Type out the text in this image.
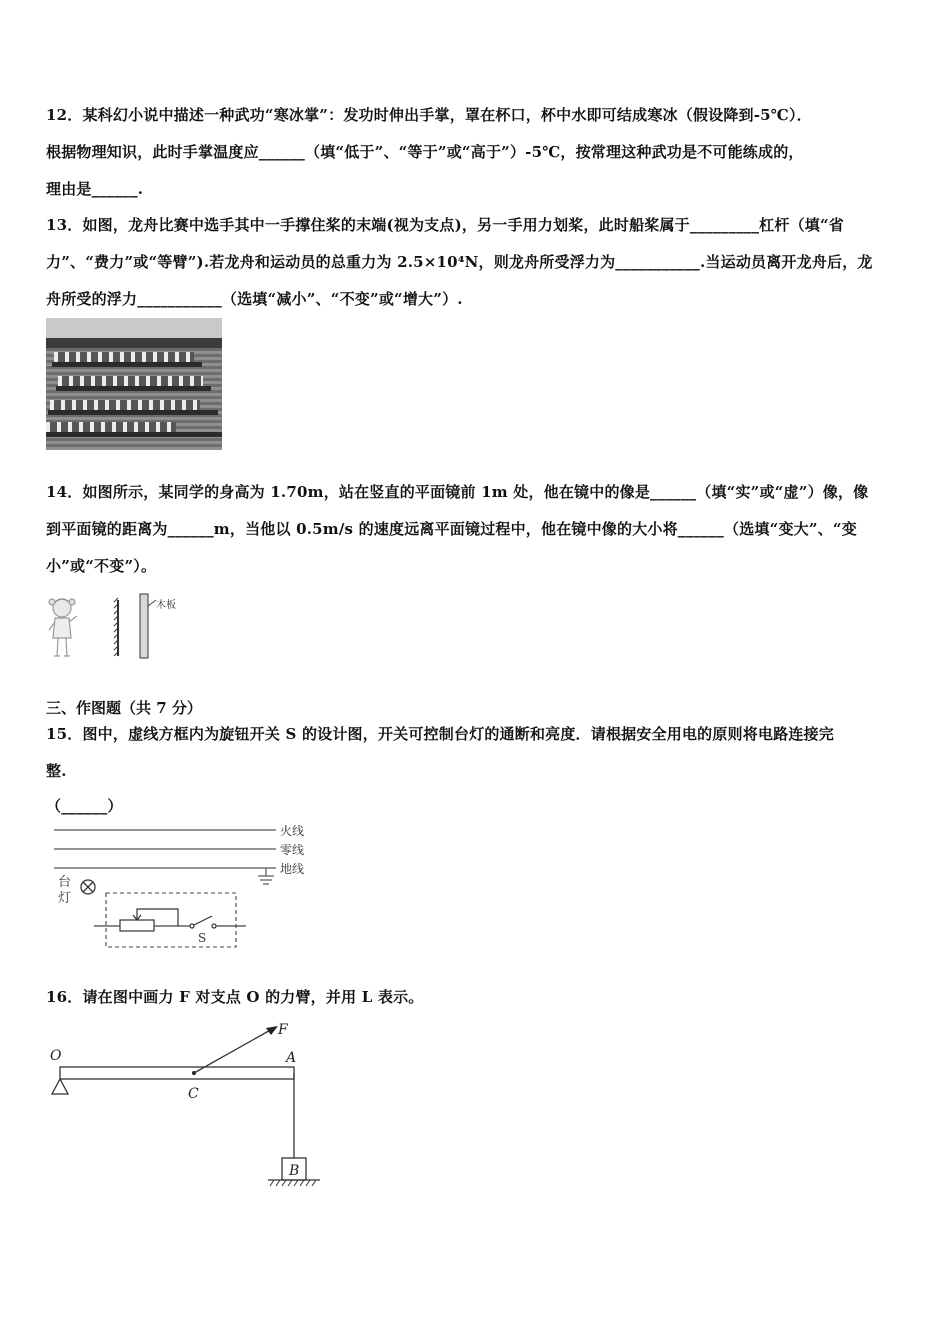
12．某科幻小说中描述一种武功“寒冰掌”：发功时伸出手掌，罩在杯口，杯中水即可结成寒冰（假设降到-5℃）．
根据物理知识，此时手掌温度应______（填“低于”、“等于”或“高于”）-5℃，按常理这种武功是不可能练成的，
理由是______.
13．如图，龙舟比赛中选手其中一手撑住桨的末端(视为支点)，另一手用力划桨，此时船桨属于_________杠杆（填“省
力”、“费力”或“等臂”).若龙舟和运动员的总重力为 2.5×10⁴N，则龙舟所受浮力为___________.当运动员离开龙舟后，龙
舟所受的浮力___________（选填“减小”、“不变”或“增大”）.
14．如图所示，某同学的身高为 1.70m，站在竖直的平面镜前 1m 处，他在镜中的像是______（填“实”或“虚”）像，像
到平面镜的距离为______m，当他以 0.5m/s 的速度远离平面镜过程中，他在镜中像的大小将______（选填“变大”、“变
小”或“不变”）。
木板
三、作图题（共 7 分）
15．图中，虚线方框内为旋钮开关 S 的设计图，开关可控制台灯的通断和亮度．请根据安全用电的原则将电路连接完
整.
（______）
火线
零线
地线
台
灯
S
16．请在图中画力 F 对支点 O 的力臂，并用 L 表示。
O	A
F
C
B
